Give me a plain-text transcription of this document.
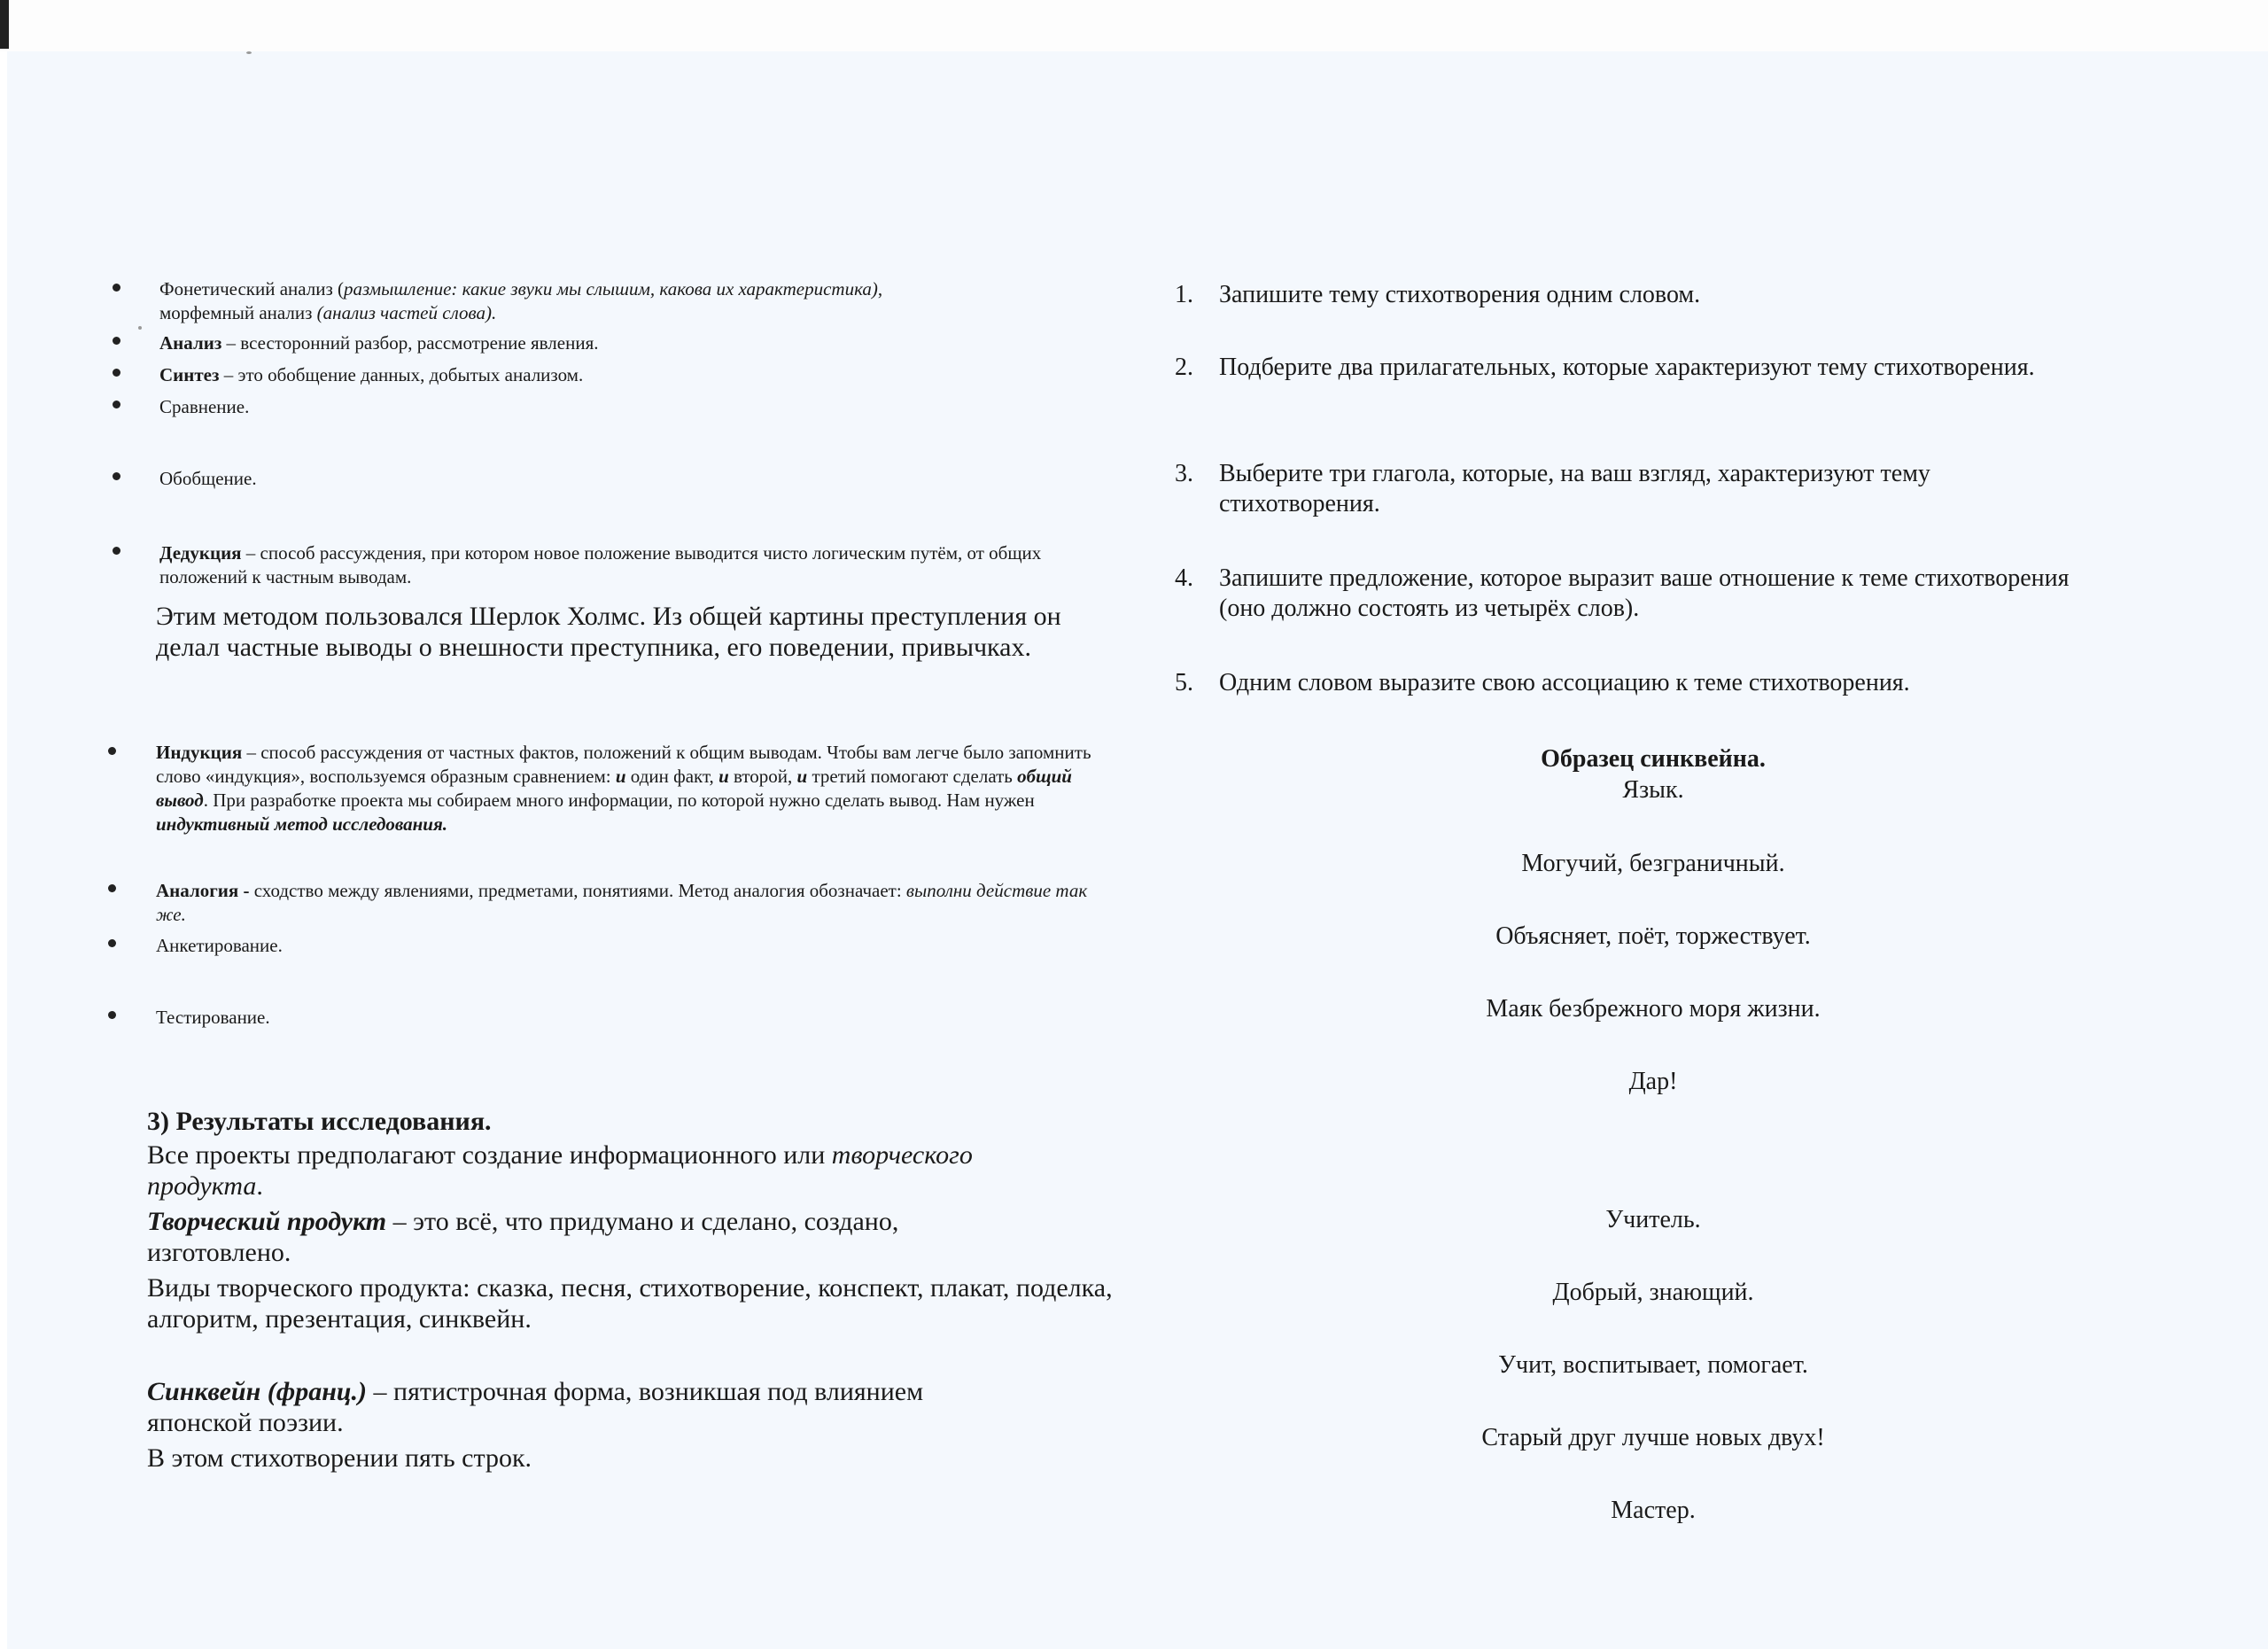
Фонетический анализ (размышление: какие звуки мы слышим, какова их характеристика), морфемный анализ (анализ частей слова).
Анализ – всесторонний разбор, рассмотрение явления.
Синтез – это обобщение данных, добытых анализом.
Сравнение.
Обобщение.
Дедукция – способ рассуждения, при котором новое положение выводится чисто логическим путём, от общих положений к частным выводам.
Этим методом пользовался Шерлок Холмс. Из общей картины преступления он делал частные выводы о внешности преступника, его поведении, привычках.
Индукция – способ рассуждения от частных фактов, положений к общим выводам. Чтобы вам легче было запомнить слово «индукция», воспользуемся образным сравнением: и один факт, и второй, и третий помогают сделать общий вывод. При разработке проекта мы собираем много информации, по которой нужно сделать вывод. Нам нужен индуктивный метод исследования.
Аналогия - сходство между явлениями, предметами, понятиями. Метод аналогия обозначает: выполни действие так же.
Анкетирование.
Тестирование.
3) Результаты исследования.
Все проекты предполагают создание информационного или творческого продукта.
Творческий продукт – это всё, что придумано и сделано, создано, изготовлено.
Виды творческого продукта: сказка, песня, стихотворение, конспект, плакат, поделка, алгоритм, презентация, синквейн.
Синквейн (франц.) – пятистрочная форма, возникшая под влиянием японской поэзии.
В этом стихотворении пять строк.
1. Запишите тему стихотворения одним словом.
2. Подберите два прилагательных, которые характеризуют тему стихотворения.
3. Выберите три глагола, которые, на ваш взгляд, характеризуют тему стихотворения.
4. Запишите предложение, которое выразит ваше отношение к теме стихотворения (оно должно состоять из четырёх слов).
5. Одним словом выразите свою ассоциацию к теме стихотворения.
Образец синквейна.
Язык.
Могучий, безграничный.
Объясняет, поёт, торжествует.
Маяк безбрежного моря жизни.
Дар!
Учитель.
Добрый, знающий.
Учит, воспитывает, помогает.
Старый друг лучше новых двух!
Мастер.
